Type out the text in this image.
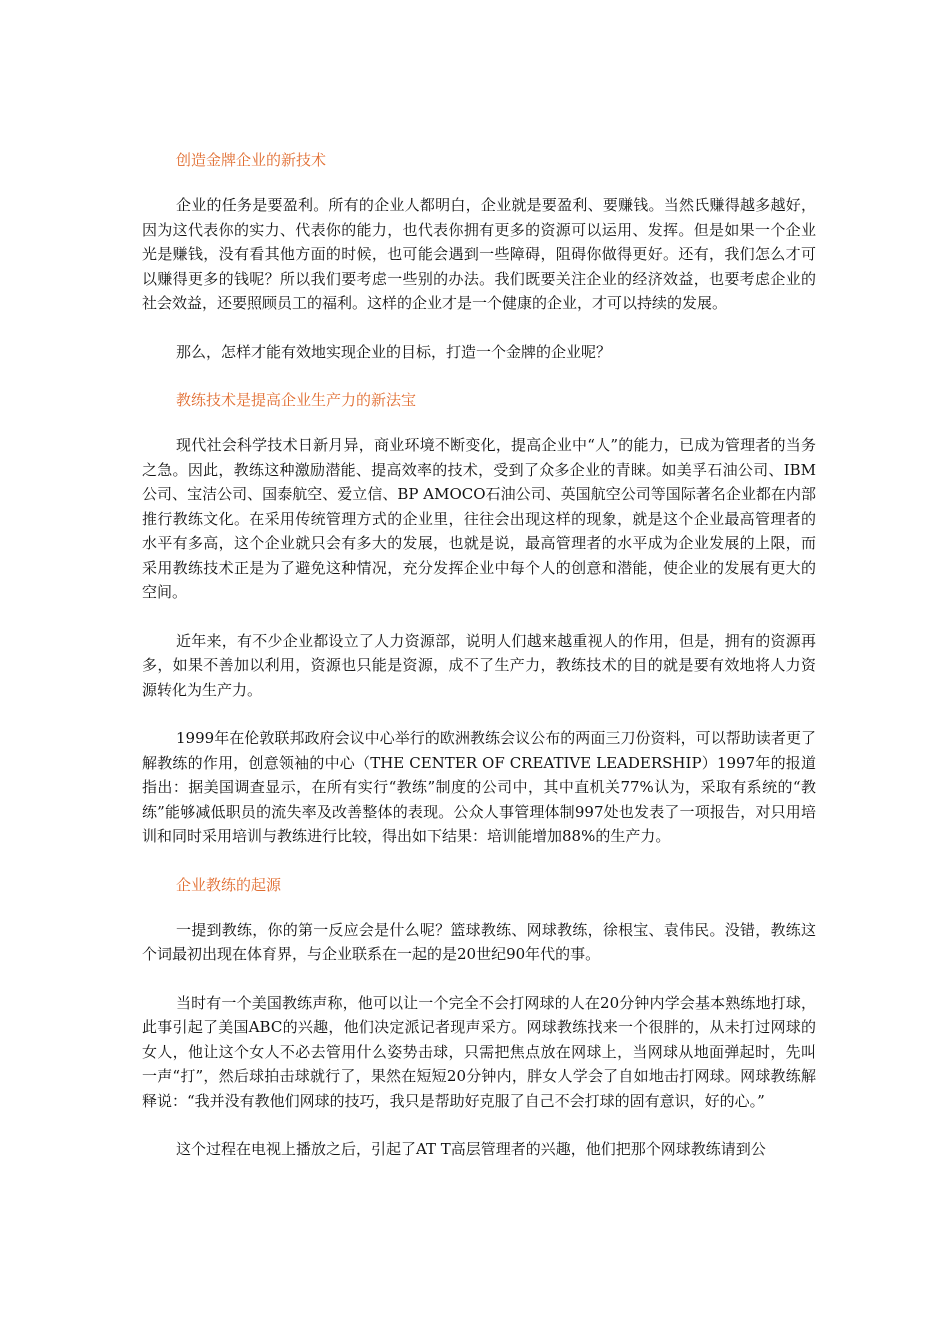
创造金牌企业的新技术

企业的任务是要盈利。所有的企业人都明白，企业就是要盈利、要赚钱。当然氏赚得越多越好，因为这代表你的实力、代表你的能力，也代表你拥有更多的资源可以运用、发挥。但是如果一个企业光是赚钱，没有看其他方面的时候，也可能会遇到一些障碍，阻碍你做得更好。还有，我们怎么才可以赚得更多的钱呢？所以我们要考虑一些别的办法。我们既要关注企业的经济效益，也要考虑企业的社会效益，还要照顾员工的福利。这样的企业才是一个健康的企业，才可以持续的发展。

那么，怎样才能有效地实现企业的目标，打造一个金牌的企业呢？

教练技术是提高企业生产力的新法宝

现代社会科学技术日新月异，商业环境不断变化，提高企业中“人”的能力，已成为管理者的当务之急。因此，教练这种激励潜能、提高效率的技术，受到了众多企业的青睐。如美孚石油公司、IBM公司、宝洁公司、国泰航空、爱立信、BP AMOCO石油公司、英国航空公司等国际著名企业都在内部推行教练文化。在采用传统管理方式的企业里，往往会出现这样的现象，就是这个企业最高管理者的水平有多高，这个企业就只会有多大的发展，也就是说，最高管理者的水平成为企业发展的上限，而采用教练技术正是为了避免这种情况，充分发挥企业中每个人的创意和潜能，使企业的发展有更大的空间。

近年来，有不少企业都设立了人力资源部，说明人们越来越重视人的作用，但是，拥有的资源再多，如果不善加以利用，资源也只能是资源，成不了生产力，教练技术的目的就是要有效地将人力资源转化为生产力。

1999年在伦敦联邦政府会议中心举行的欧洲教练会议公布的两面三刀份资料，可以帮助读者更了解教练的作用，创意领袖的中心（THE CENTER OF CREATIVE LEADERSHIP）1997年的报道指出：据美国调查显示，在所有实行“教练”制度的公司中，其中直机关77%认为，采取有系统的“教练”能够减低职员的流失率及改善整体的表现。公众人事管理体制997处也发表了一项报告，对只用培训和同时采用培训与教练进行比较，得出如下结果：培训能增加88%的生产力。

企业教练的起源

一提到教练，你的第一反应会是什么呢？篮球教练、网球教练，徐根宝、袁伟民。没错，教练这个词最初出现在体育界，与企业联系在一起的是20世纪90年代的事。

当时有一个美国教练声称，他可以让一个完全不会打网球的人在20分钟内学会基本熟练地打球，此事引起了美国ABC的兴趣，他们决定派记者现声采方。网球教练找来一个很胖的，从未打过网球的女人，他让这个女人不必去管用什么姿势击球，只需把焦点放在网球上，当网球从地面弹起时，先叫一声“打”，然后球拍击球就行了，果然在短短20分钟内，胖女人学会了自如地击打网球。网球教练解释说：“我并没有教他们网球的技巧，我只是帮助好克服了自己不会打球的固有意识，好的心。”

这个过程在电视上播放之后，引起了AT T高层管理者的兴趣，他们把那个网球教练请到公
